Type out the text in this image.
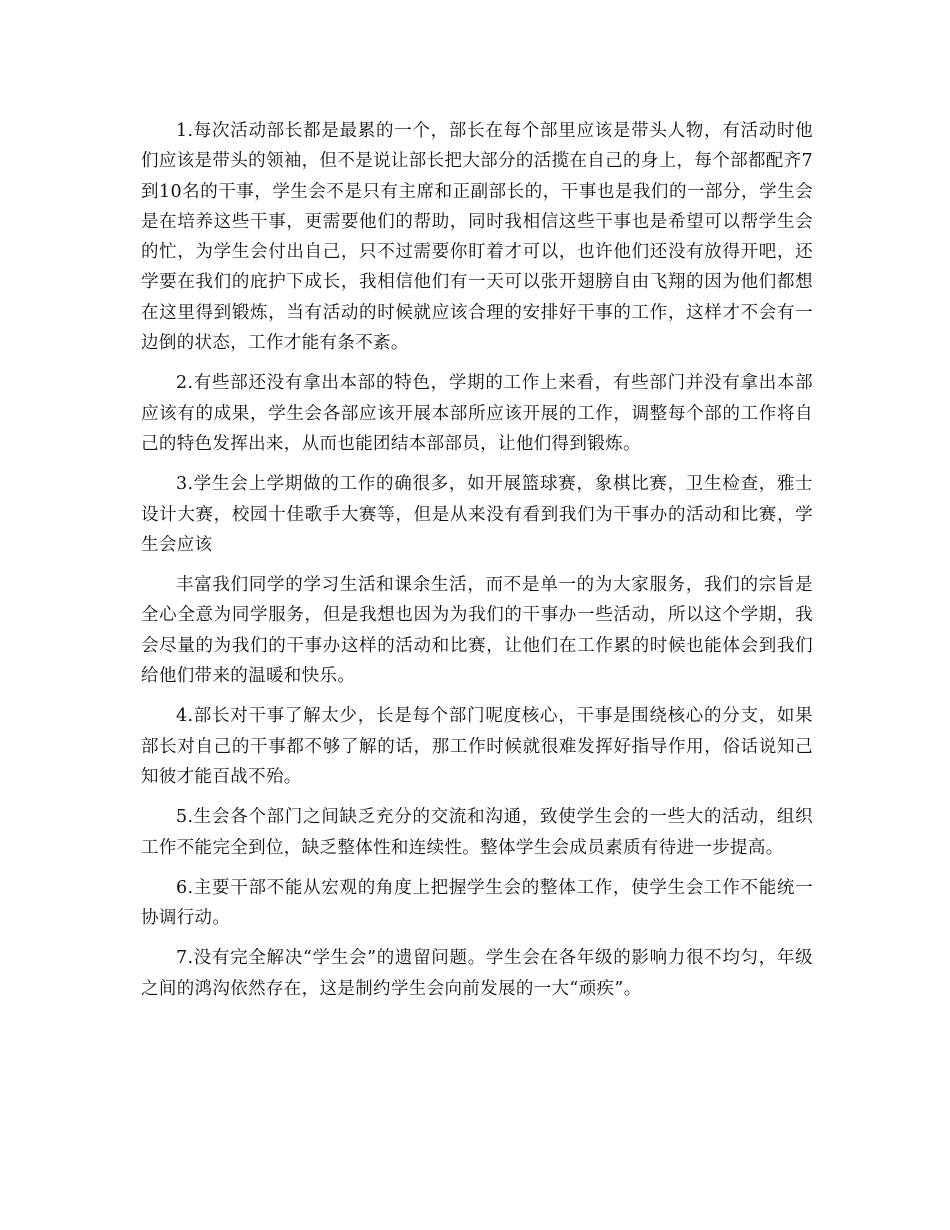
1.每次活动部长都是最累的一个，部长在每个部里应该是带头人物，有活动时他们应该是带头的领袖，但不是说让部长把大部分的活揽在自己的身上，每个部都配齐7到10名的干事，学生会不是只有主席和正副部长的，干事也是我们的一部分，学生会是在培养这些干事，更需要他们的帮助，同时我相信这些干事也是希望可以帮学生会的忙，为学生会付出自己，只不过需要你盯着才可以，也许他们还没有放得开吧，还学要在我们的庇护下成长，我相信他们有一天可以张开翅膀自由飞翔的因为他们都想在这里得到锻炼，当有活动的时候就应该合理的安排好干事的工作，这样才不会有一边倒的状态，工作才能有条不紊。

2.有些部还没有拿出本部的特色，学期的工作上来看，有些部门并没有拿出本部应该有的成果，学生会各部应该开展本部所应该开展的工作，调整每个部的工作将自己的特色发挥出来，从而也能团结本部部员，让他们得到锻炼。

3.学生会上学期做的工作的确很多，如开展篮球赛，象棋比赛，卫生检查，雅士设计大赛，校园十佳歌手大赛等，但是从来没有看到我们为干事办的活动和比赛，学生会应该

丰富我们同学的学习生活和课余生活，而不是单一的为大家服务，我们的宗旨是全心全意为同学服务，但是我想也因为为我们的干事办一些活动，所以这个学期，我会尽量的为我们的干事办这样的活动和比赛，让他们在工作累的时候也能体会到我们给他们带来的温暖和快乐。

4.部长对干事了解太少，长是每个部门呢度核心，干事是围绕核心的分支，如果部长对自己的干事都不够了解的话，那工作时候就很难发挥好指导作用，俗话说知己知彼才能百战不殆。

5.生会各个部门之间缺乏充分的交流和沟通，致使学生会的一些大的活动，组织工作不能完全到位，缺乏整体性和连续性。整体学生会成员素质有待进一步提高。

6.主要干部不能从宏观的角度上把握学生会的整体工作，使学生会工作不能统一协调行动。

7.没有完全解决“学生会”的遗留问题。学生会在各年级的影响力很不均匀，年级之间的鸿沟依然存在，这是制约学生会向前发展的一大“顽疾”。
